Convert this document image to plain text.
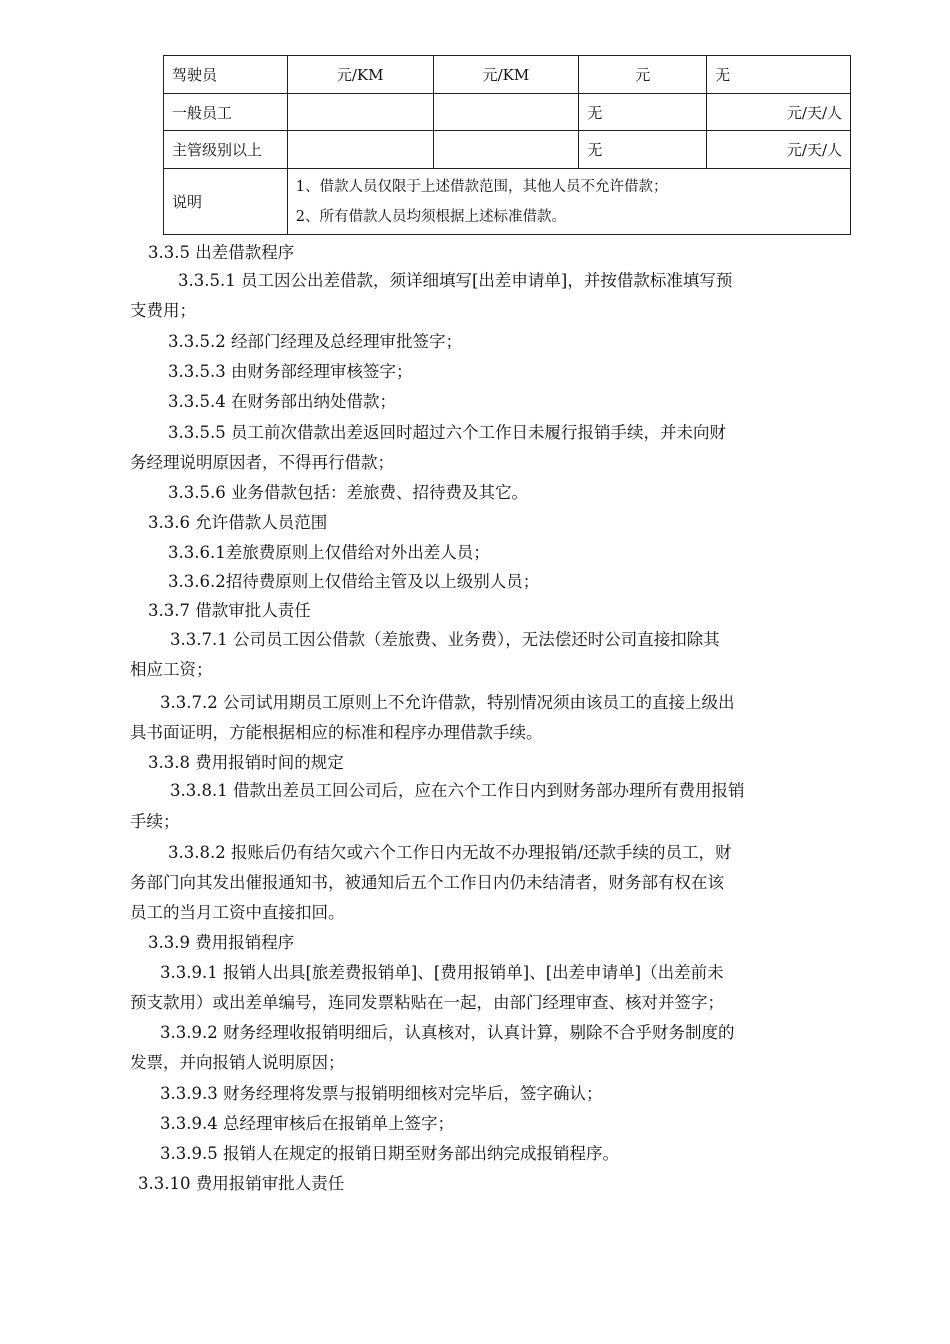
驾驶员	元/KM	元/KM	元	无
一般员工			无	元/天/人
主管级别以上			无	元/天/人
说明	1、借款人员仅限于上述借款范围，其他人员不允许借款；
2、所有借款人员均须根据上述标准借款。			
3.3.5 出差借款程序
3.3.5.1 员工因公出差借款，须详细填写[出差申请单]，并按借款标准填写预
支费用；
3.3.5.2 经部门经理及总经理审批签字；
3.3.5.3 由财务部经理审核签字；
3.3.5.4 在财务部出纳处借款；
3.3.5.5 员工前次借款出差返回时超过六个工作日未履行报销手续，并未向财
务经理说明原因者，不得再行借款；
3.3.5.6 业务借款包括：差旅费、招待费及其它。
3.3.6 允许借款人员范围
3.3.6.1差旅费原则上仅借给对外出差人员；
3.3.6.2招待费原则上仅借给主管及以上级别人员；
3.3.7 借款审批人责任
3.3.7.1 公司员工因公借款（差旅费、业务费），无法偿还时公司直接扣除其
相应工资；
3.3.7.2 公司试用期员工原则上不允许借款，特别情况须由该员工的直接上级出
具书面证明，方能根据相应的标准和程序办理借款手续。
3.3.8 费用报销时间的规定
3.3.8.1 借款出差员工回公司后，应在六个工作日内到财务部办理所有费用报销
手续；
3.3.8.2 报账后仍有结欠或六个工作日内无故不办理报销/还款手续的员工，财
务部门向其发出催报通知书，被通知后五个工作日内仍未结清者，财务部有权在该
员工的当月工资中直接扣回。
3.3.9 费用报销程序
3.3.9.1 报销人出具[旅差费报销单]、[费用报销单]、[出差申请单]（出差前未
预支款用）或出差单编号，连同发票粘贴在一起，由部门经理审查、核对并签字；
3.3.9.2 财务经理收报销明细后，认真核对，认真计算，剔除不合乎财务制度的
发票，并向报销人说明原因；
3.3.9.3 财务经理将发票与报销明细核对完毕后，签字确认；
3.3.9.4 总经理审核后在报销单上签字；
3.3.9.5 报销人在规定的报销日期至财务部出纳完成报销程序。
3.3.10 费用报销审批人责任
